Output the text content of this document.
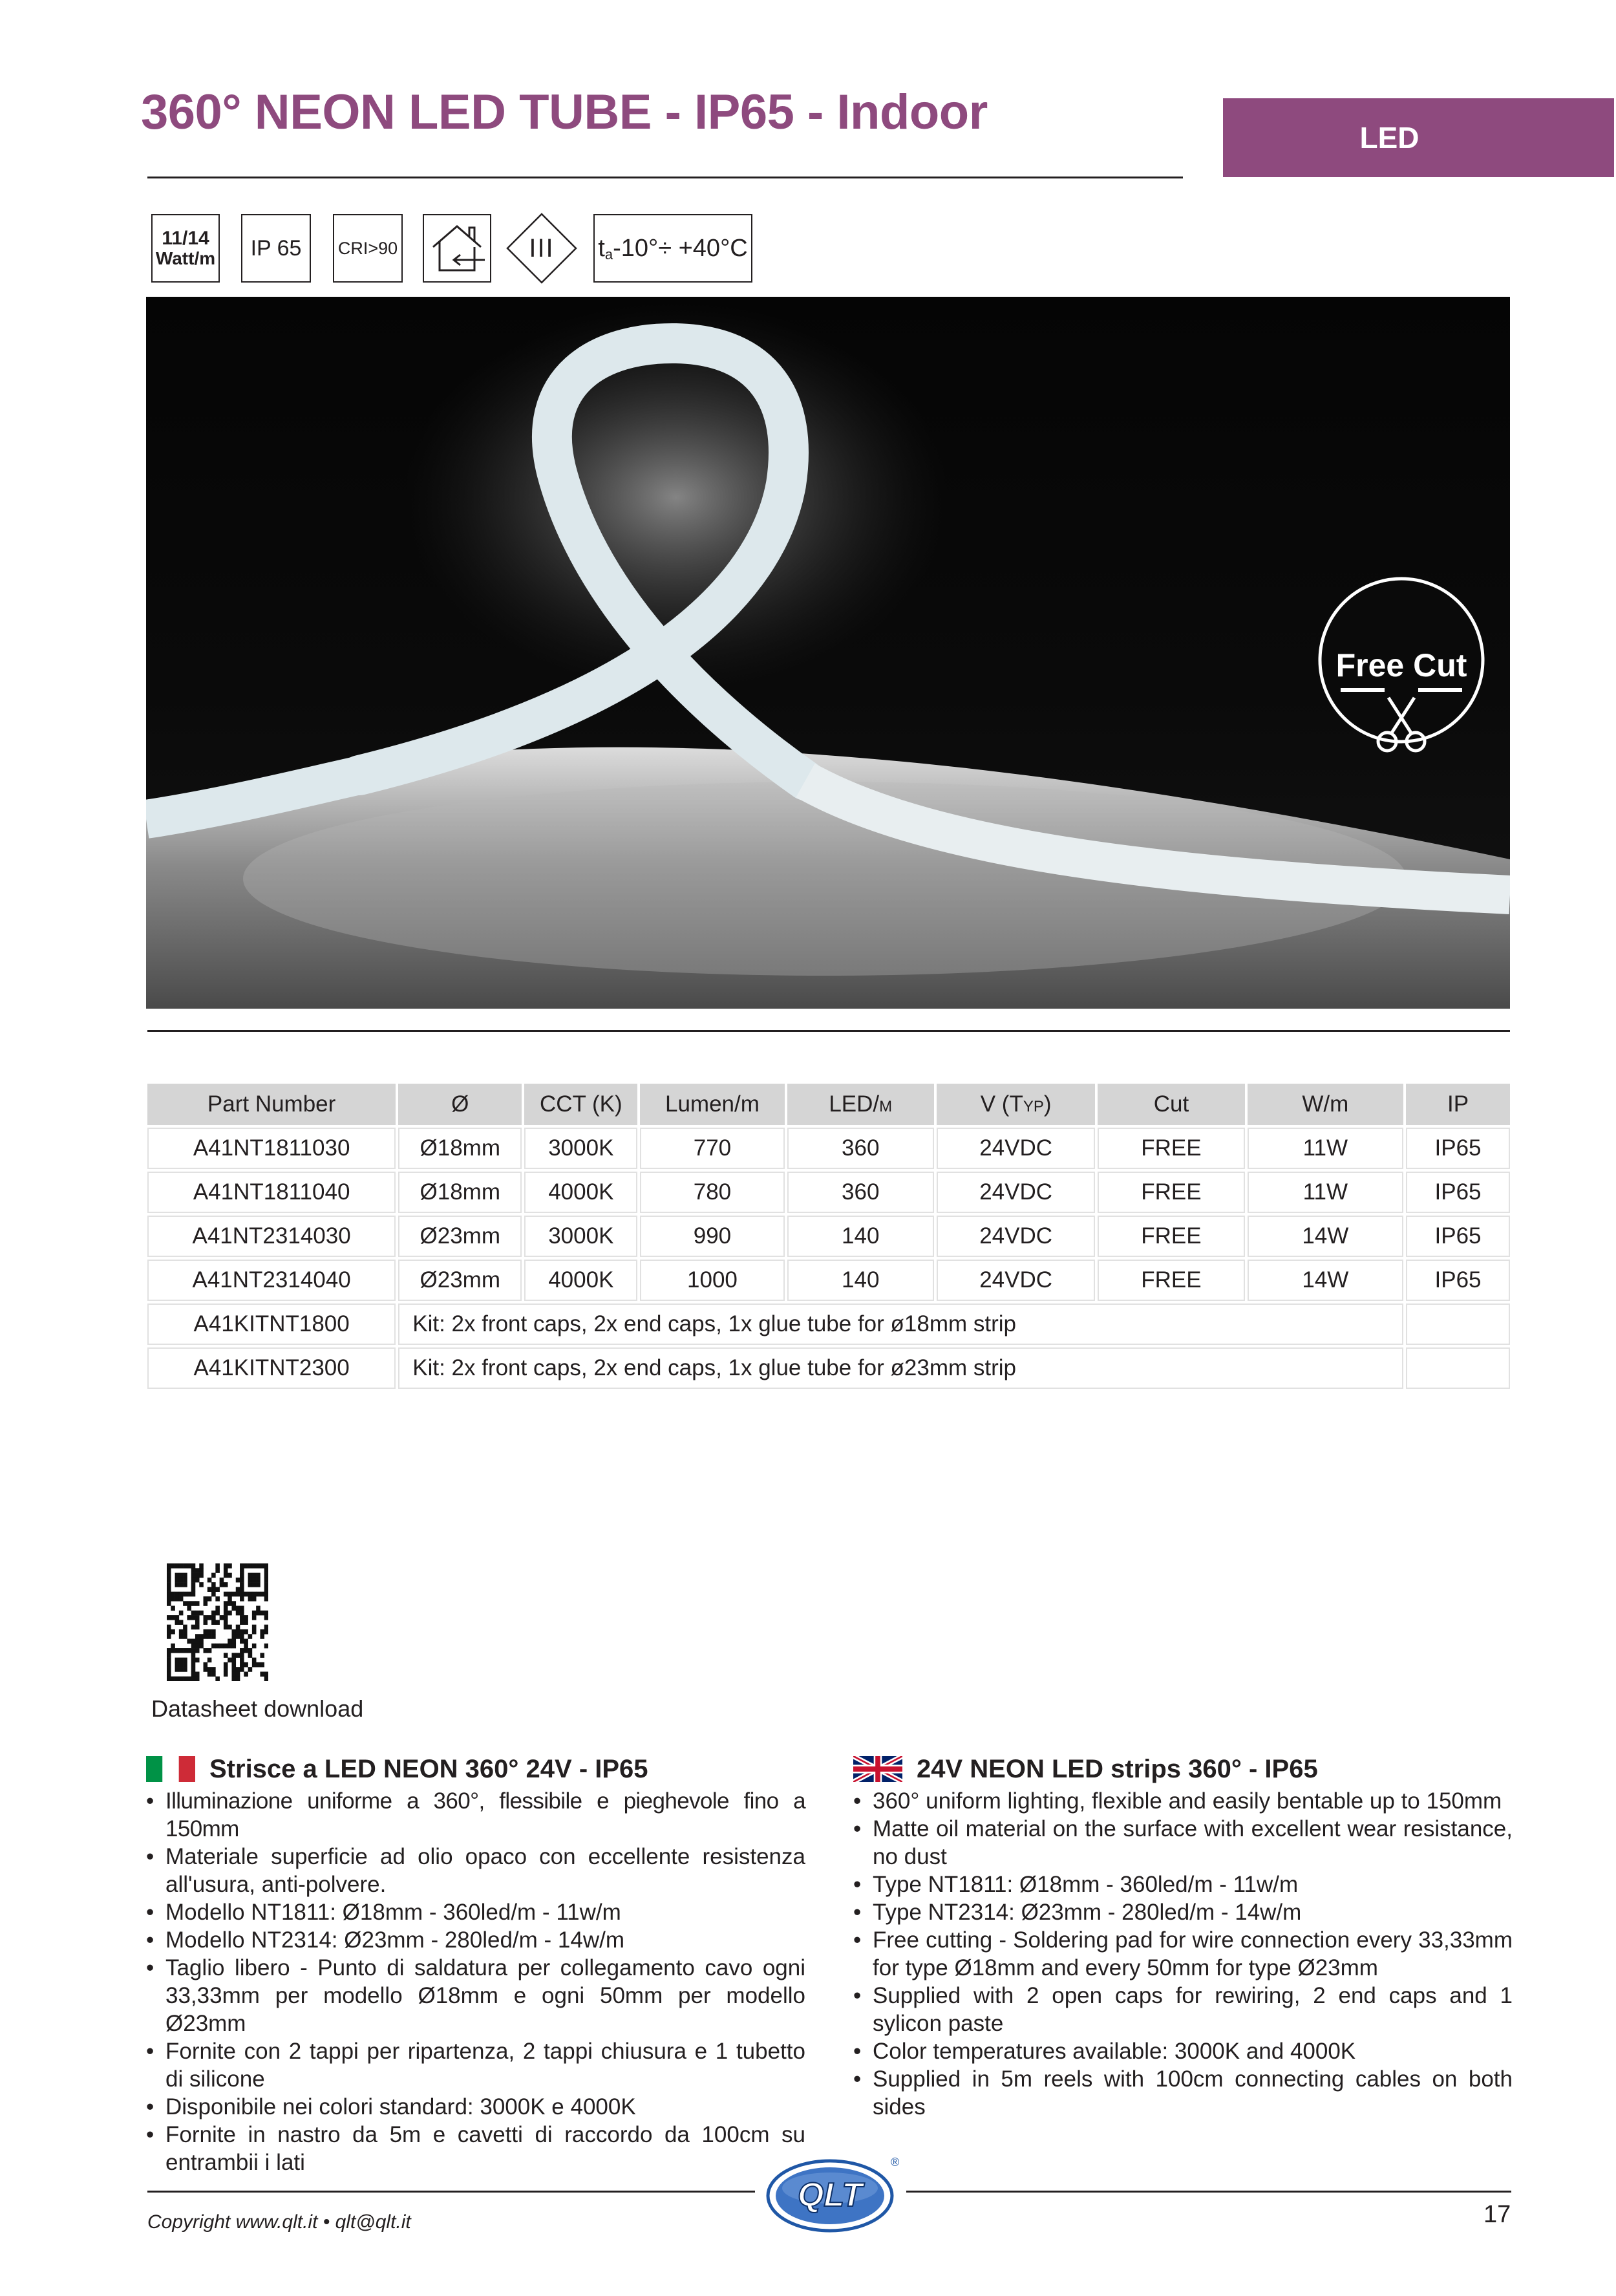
360° NEON LED TUBE - IP65 - Indoor	LED
11/14
Watt/m IP 65 CRI>90	III t a -10°÷ +40°C
Free Cut
Part Number	Ø	CCT (K)	Lumen/m	LED/M	V (TYP)	Cut	W/m	IP
A41NT1811030	Ø18mm	3000K	770	360	24VDC	FREE	11W	IP65
A41NT1811040	Ø18mm	4000K	780	360	24VDC	FREE	11W	IP65
A41NT2314030	Ø23mm	3000K	990	140	24VDC	FREE	14W	IP65
A41NT2314040	Ø23mm	4000K	1000	140	24VDC	FREE	14W	IP65
A41KITNT1800	Kit: 2x front caps, 2x end caps, 1x glue tube for ø18mm strip							
A41KITNT2300	Kit: 2x front caps, 2x end caps, 1x glue tube for ø23mm strip							
Datasheet download
Strisce a LED NEON 360° 24V - IP65
• Illuminazione uniforme a 360°, flessibile e pieghevole fino a 150mm
• Materiale superficie ad olio opaco con eccellente resistenza all'usura, anti-polvere.
• Modello NT1811: Ø18mm - 360led/m - 11w/m
• Modello NT2314: Ø23mm - 280led/m - 14w/m
• Taglio libero - Punto di saldatura per collegamento cavo ogni 33,33mm per modello Ø18mm e ogni 50mm per modello Ø23mm
• Fornite con 2 tappi per ripartenza, 2 tappi chiusura e 1 tubetto di silicone
• Disponibile nei colori standard: 3000K e 4000K
• Fornite in nastro da 5m e cavetti di raccordo da 100cm su entrambii i lati
24V NEON LED strips 360° - IP65
• 360° uniform lighting, flexible and easily bentable up to 150mm
• Matte oil material on the surface with excellent wear resistance, no dust
• Type NT1811: Ø18mm - 360led/m - 11w/m
• Type NT2314: Ø23mm - 280led/m - 14w/m
• Free cutting - Soldering pad for wire connection every 33,33mm for type Ø18mm and every 50mm for type Ø23mm
• Supplied with 2 open caps for rewiring, 2 end caps and 1 sylicon paste
• Color temperatures available: 3000K and 4000K
• Supplied in 5m reels with 100cm connecting cables on both sides
QLT
®
Copyright www.qlt.it • qlt@qlt.it	17
